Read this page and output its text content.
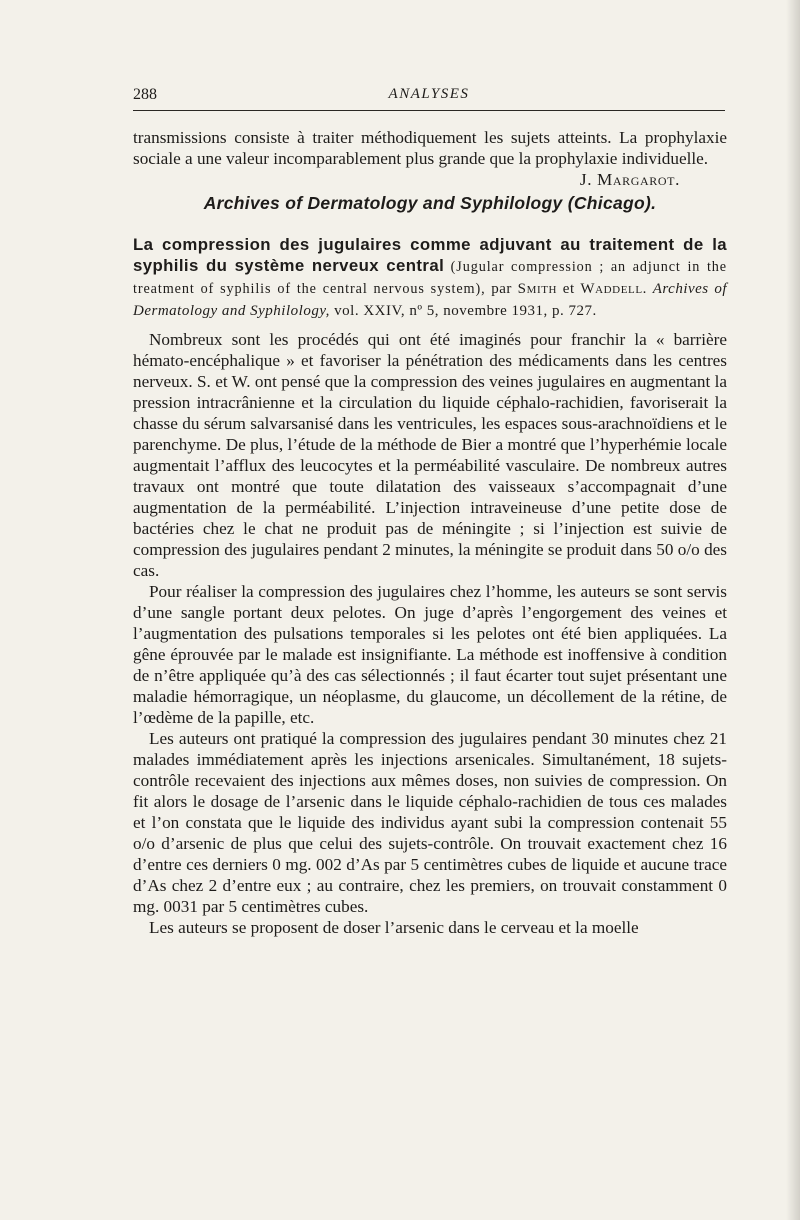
288	ANALYSES

transmissions consiste à traiter méthodiquement les sujets atteints. La prophylaxie sociale a une valeur incomparablement plus grande que la prophylaxie individuelle.
J. Margarot.

Archives of Dermatology and Syphilology (Chicago).

La compression des jugulaires comme adjuvant au traitement de la syphilis du système nerveux central (Jugular compression ; an adjunct in the treatment of syphilis of the central nervous system), par Smith et Waddell. Archives of Dermatology and Syphilology, vol. XXIV, nº 5, novembre 1931, p. 727.

Nombreux sont les procédés qui ont été imaginés pour franchir la « barrière hémato-encéphalique » et favoriser la pénétration des médicaments dans les centres nerveux. S. et W. ont pensé que la compression des veines jugulaires en augmentant la pression intracrânienne et la circulation du liquide céphalo-rachidien, favoriserait la chasse du sérum salvarsanisé dans les ventricules, les espaces sous-arachnoïdiens et le parenchyme. De plus, l’étude de la méthode de Bier a montré que l’hyperhémie locale augmentait l’afflux des leucocytes et la perméabilité vasculaire. De nombreux autres travaux ont montré que toute dilatation des vaisseaux s’accompagnait d’une augmentation de la perméabilité. L’injection intraveineuse d’une petite dose de bactéries chez le chat ne produit pas de méningite ; si l’injection est suivie de compression des jugulaires pendant 2 minutes, la méningite se produit dans 50 o/o des cas.

Pour réaliser la compression des jugulaires chez l’homme, les auteurs se sont servis d’une sangle portant deux pelotes. On juge d’après l’engorgement des veines et l’augmentation des pulsations temporales si les pelotes ont été bien appliquées. La gêne éprouvée par le malade est insignifiante. La méthode est inoffensive à condition de n’être appliquée qu’à des cas sélectionnés ; il faut écarter tout sujet présentant une maladie hémorragique, un néoplasme, du glaucome, un décollement de la rétine, de l’œdème de la papille, etc.

Les auteurs ont pratiqué la compression des jugulaires pendant 30 minutes chez 21 malades immédiatement après les injections arsenicales. Simultanément, 18 sujets-contrôle recevaient des injections aux mêmes doses, non suivies de compression. On fit alors le dosage de l’arsenic dans le liquide céphalo-rachidien de tous ces malades et l’on constata que le liquide des individus ayant subi la compression contenait 55 o/o d’arsenic de plus que celui des sujets-contrôle. On trouvait exactement chez 16 d’entre ces derniers 0 mg. 002 d’As par 5 centimètres cubes de liquide et aucune trace d’As chez 2 d’entre eux ; au contraire, chez les premiers, on trouvait constamment 0 mg. 0031 par 5 centimètres cubes.

Les auteurs se proposent de doser l’arsenic dans le cerveau et la moelle
